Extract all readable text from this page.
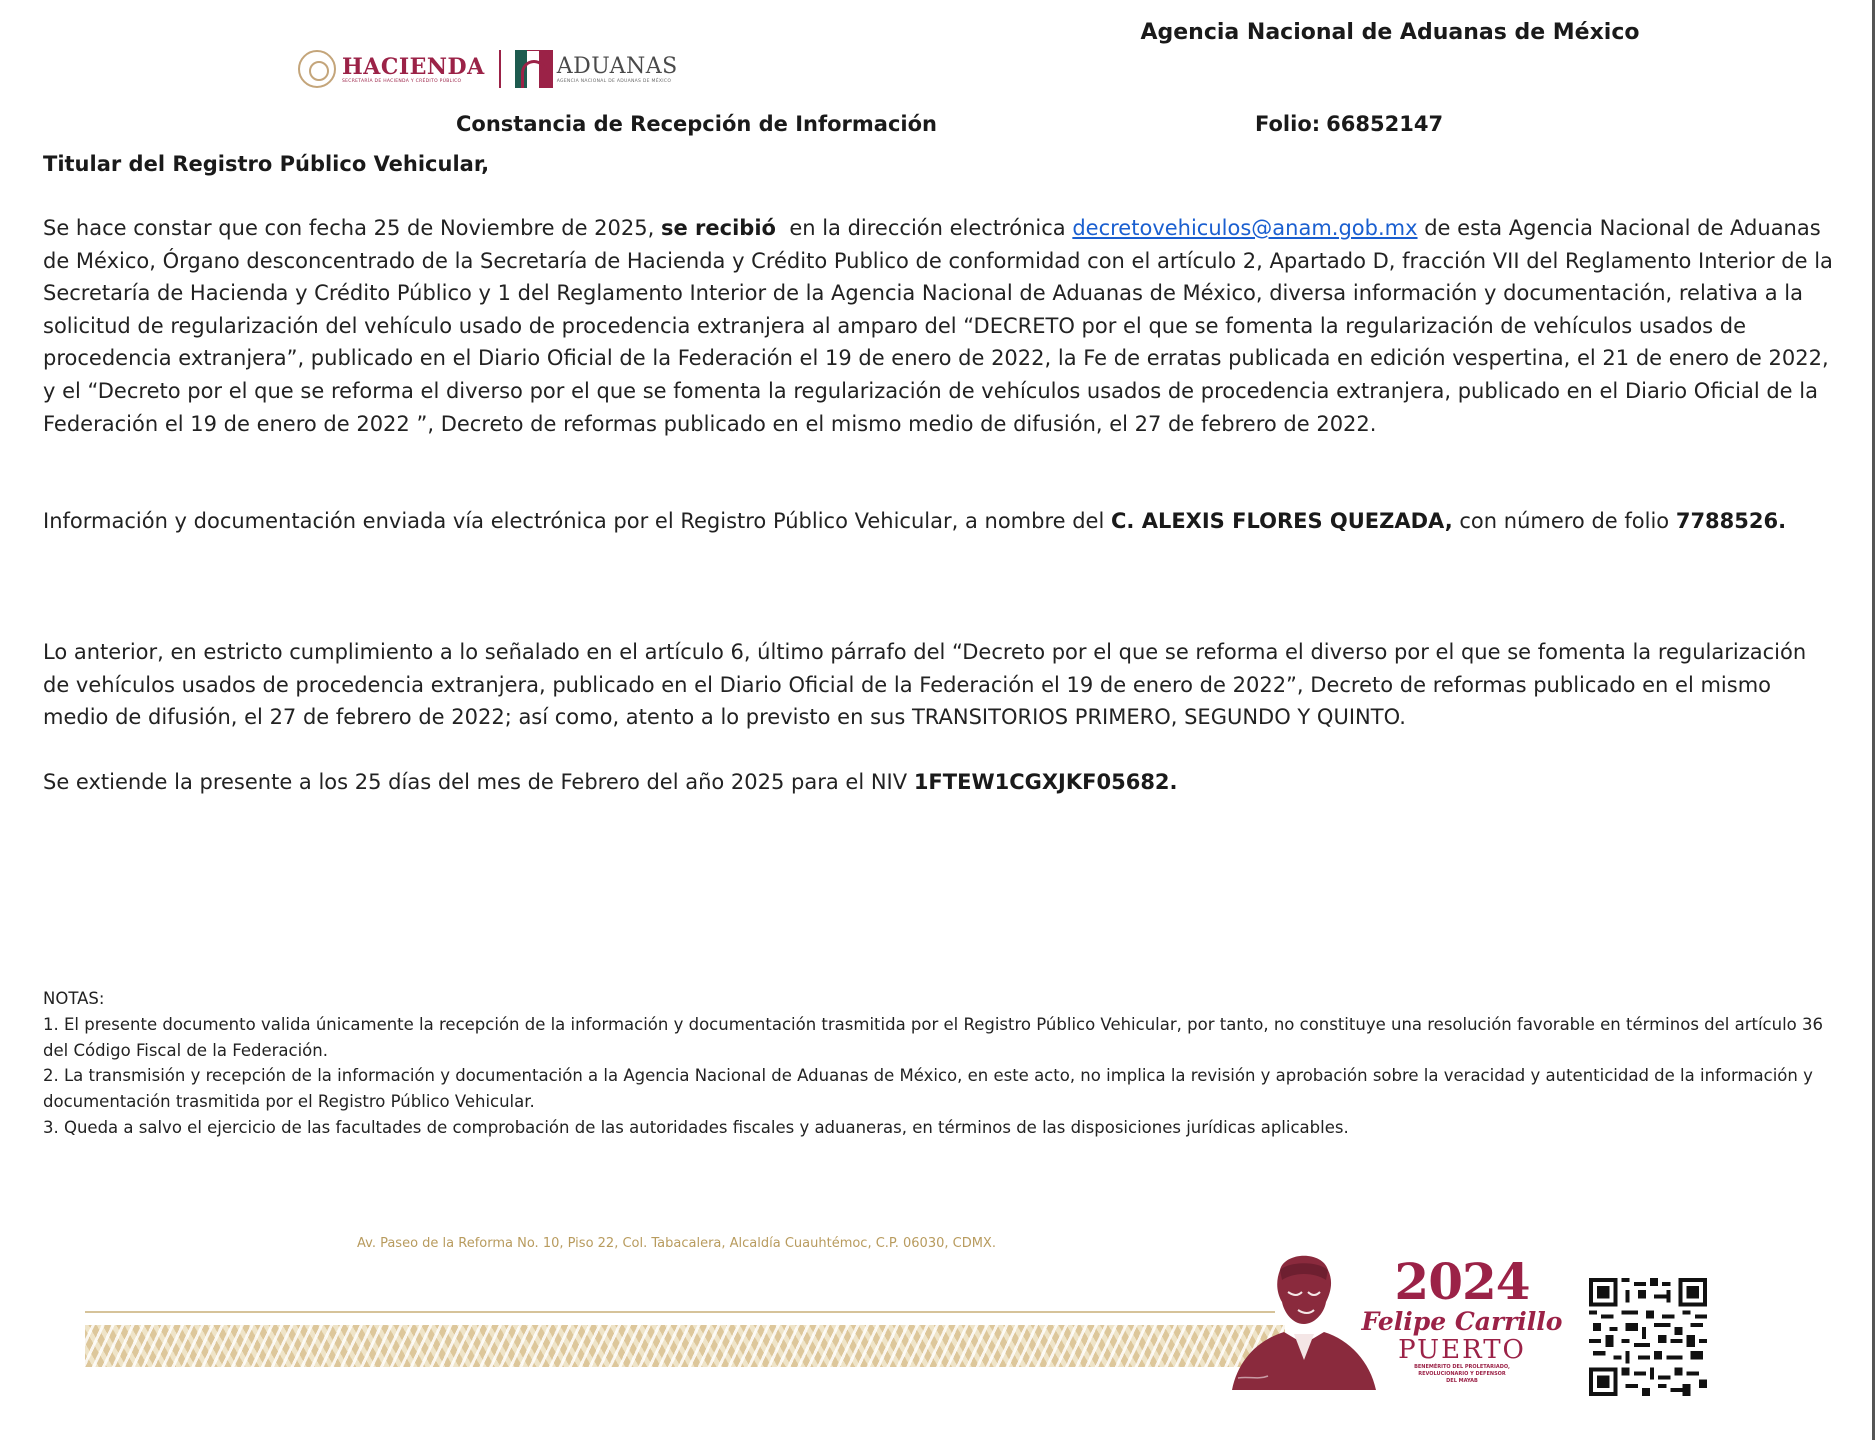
Agencia Nacional de Aduanas de México
HACIENDA
SECRETARÍA DE HACIENDA Y CRÉDITO PÚBLICO
ADUANAS
AGENCIA NACIONAL DE ADUANAS DE MÉXICO
Constancia de Recepción de Información	Folio: 66852147
Titular del Registro Público Vehicular,
Se hace constar que con fecha 25 de Noviembre de 2025, se recibió en la dirección electrónica decretovehiculos@anam.gob.mx de esta Agencia Nacional de Aduanas de México, Órgano desconcentrado de la Secretaría de Hacienda y Crédito Publico de conformidad con el artículo 2, Apartado D, fracción VII del Reglamento Interior de la Secretaría de Hacienda y Crédito Público y 1 del Reglamento Interior de la Agencia Nacional de Aduanas de México, diversa información y documentación, relativa a la solicitud de regularización del vehículo usado de procedencia extranjera al amparo del “DECRETO por el que se fomenta la regularización de vehículos usados de procedencia extranjera”, publicado en el Diario Oficial de la Federación el 19 de enero de 2022, la Fe de erratas publicada en edición vespertina, el 21 de enero de 2022, y el “Decreto por el que se reforma el diverso por el que se fomenta la regularización de vehículos usados de procedencia extranjera, publicado en el Diario Oficial de la Federación el 19 de enero de 2022 ”, Decreto de reformas publicado en el mismo medio de difusión, el 27 de febrero de 2022.
Información y documentación enviada vía electrónica por el Registro Público Vehicular, a nombre del C. ALEXIS FLORES QUEZADA, con número de folio 7788526.
Lo anterior, en estricto cumplimiento a lo señalado en el artículo 6, último párrafo del “Decreto por el que se reforma el diverso por el que se fomenta la regularización de vehículos usados de procedencia extranjera, publicado en el Diario Oficial de la Federación el 19 de enero de 2022”, Decreto de reformas publicado en el mismo medio de difusión, el 27 de febrero de 2022; así como, atento a lo previsto en sus TRANSITORIOS PRIMERO, SEGUNDO Y QUINTO.
Se extiende la presente a los 25 días del mes de Febrero del año 2025 para el NIV 1FTEW1CGXJKF05682.
NOTAS:
1. El presente documento valida únicamente la recepción de la información y documentación trasmitida por el Registro Público Vehicular, por tanto, no constituye una resolución favorable en términos del artículo 36 del Código Fiscal de la Federación.
2. La transmisión y recepción de la información y documentación a la Agencia Nacional de Aduanas de México, en este acto, no implica la revisión y aprobación sobre la veracidad y autenticidad de la información y documentación trasmitida por el Registro Público Vehicular.
3. Queda a salvo el ejercicio de las facultades de comprobación de las autoridades fiscales y aduaneras, en términos de las disposiciones jurídicas aplicables.
Av. Paseo de la Reforma No. 10, Piso 22, Col. Tabacalera, Alcaldía Cuauhtémoc, C.P. 06030, CDMX.
2024
Felipe Carrillo
PUERTO
BENEMÉRITO DEL PROLETARIADO,
REVOLUCIONARIO Y DEFENSOR
DEL MAYAB
